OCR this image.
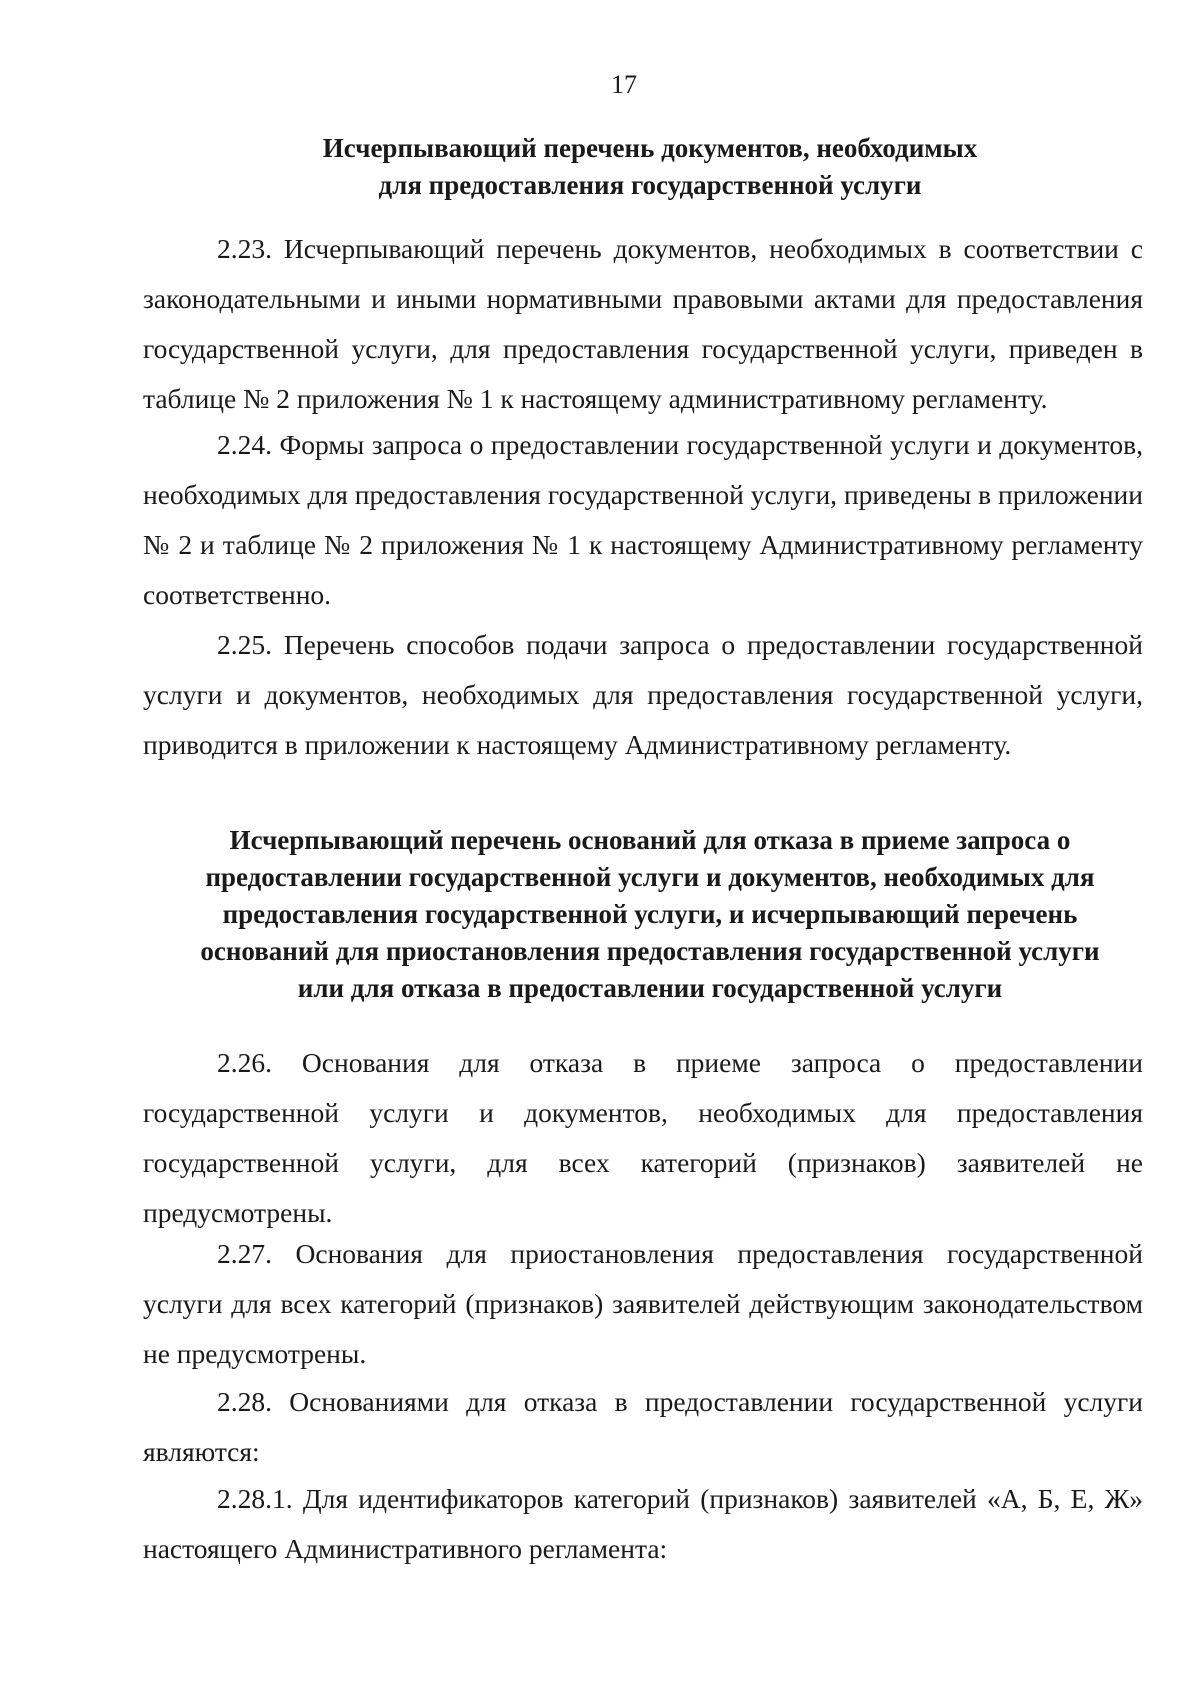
17
Исчерпывающий перечень документов, необходимых
для предоставления государственной услуги

2.23. Исчерпывающий перечень документов, необходимых в соответствии с законодательными и иными нормативными правовыми актами для предоставления государственной услуги, для предоставления государственной услуги, приведен в таблице № 2 приложения № 1 к настоящему административному регламенту.

2.24. Формы запроса о предоставлении государственной услуги и документов, необходимых для предоставления государственной услуги, приведены в приложении № 2 и таблице № 2 приложения № 1 к настоящему Административному регламенту соответственно.

2.25. Перечень способов подачи запроса о предоставлении государственной услуги и документов, необходимых для предоставления государственной услуги, приводится в приложении к настоящему Административному регламенту.

Исчерпывающий перечень оснований для отказа в приеме запроса о
предоставлении государственной услуги и документов, необходимых для
предоставления государственной услуги, и исчерпывающий перечень
оснований для приостановления предоставления государственной услуги
или для отказа в предоставлении государственной услуги

2.26. Основания для отказа в приеме запроса о предоставлении государственной услуги и документов, необходимых для предоставления государственной услуги, для всех категорий (признаков) заявителей не предусмотрены.

2.27. Основания для приостановления предоставления государственной услуги для всех категорий (признаков) заявителей действующим законодательством не предусмотрены.

2.28. Основаниями для отказа в предоставлении государственной услуги являются:

2.28.1. Для идентификаторов категорий (признаков) заявителей «А, Б, Е, Ж» настоящего Административного регламента:
